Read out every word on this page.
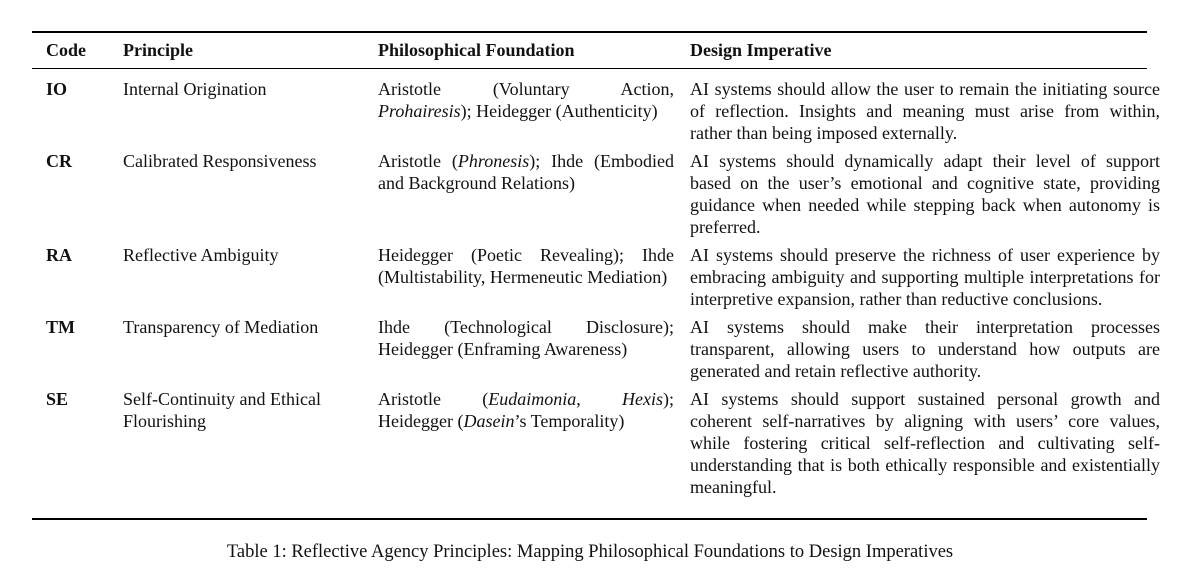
Code	Principle	Philosophical Foundation	Design Imperative
IO	Internal Origination	Aristotle (Voluntary Action, Prohairesis); Heidegger (Authenticity)	AI systems should allow the user to remain the initiating source of reflection. Insights and meaning must arise from within, rather than being imposed externally.
CR	Calibrated Responsiveness	Aristotle (Phronesis); Ihde (Embodied and Background Relations)	AI systems should dynamically adapt their level of support based on the user’s emotional and cognitive state, providing guidance when needed while stepping back when autonomy is preferred.
RA	Reflective Ambiguity	Heidegger (Poetic Revealing); Ihde (Multistability, Hermeneutic Mediation)	AI systems should preserve the richness of user experience by embracing ambiguity and supporting multiple interpretations for interpretive expansion, rather than reductive conclusions.
TM	Transparency of Mediation	Ihde (Technological Disclosure); Heidegger (Enframing Awareness)	AI systems should make their interpretation processes transparent, allowing users to understand how outputs are generated and retain reflective authority.
SE	Self-Continuity and Ethical Flourishing	Aristotle (Eudaimonia, Hexis); Heidegger (Dasein’s Temporality)	AI systems should support sustained personal growth and coherent self-narratives by aligning with users’ core values, while fostering critical self-reflection and cultivating self-understanding that is both ethically responsible and existentially meaningful.
Table 1: Reflective Agency Principles: Mapping Philosophical Foundations to Design Imperatives
